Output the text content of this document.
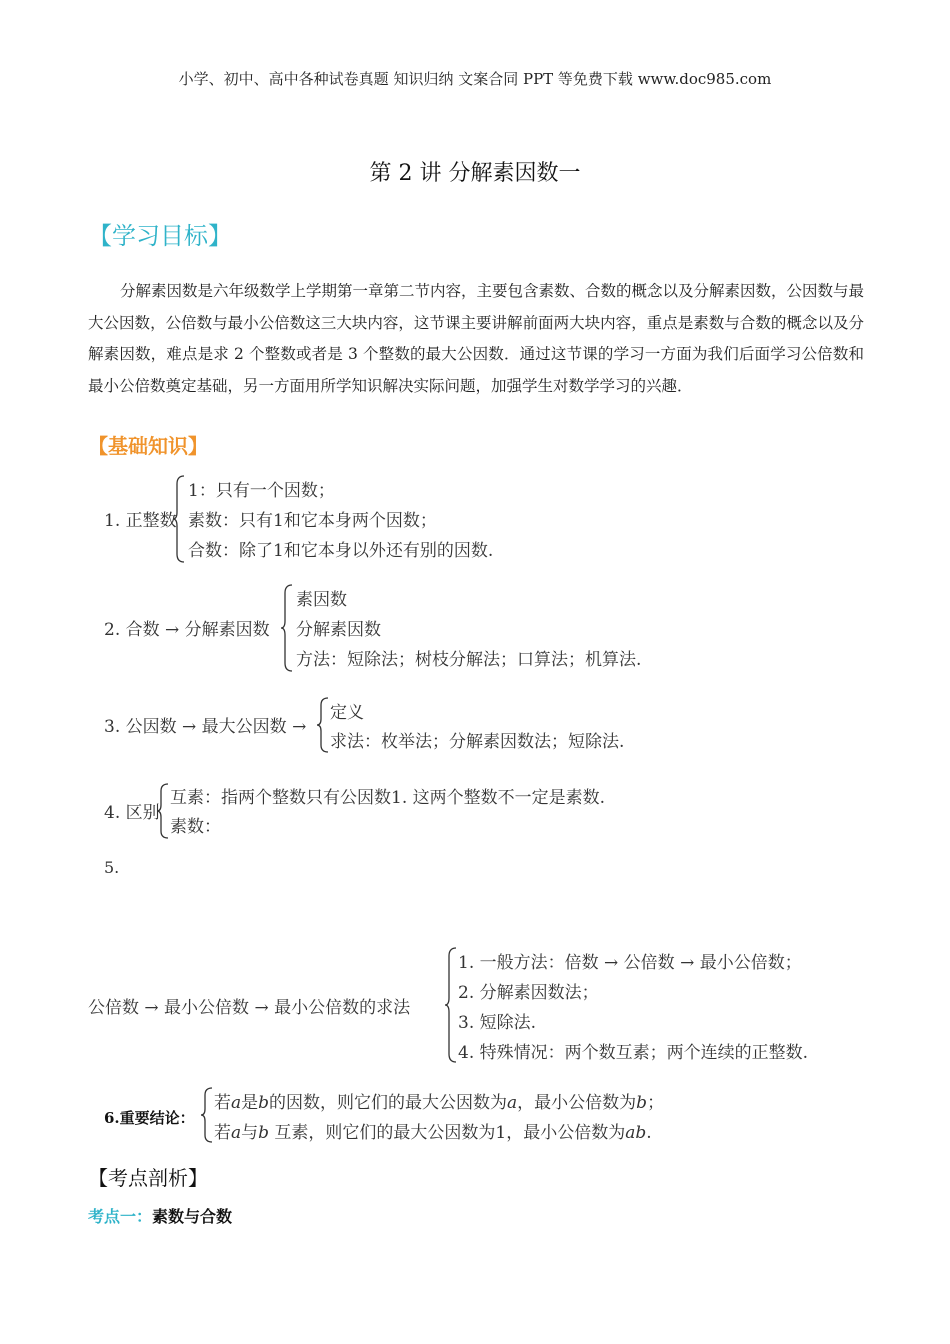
小学、初中、高中各种试卷真题 知识归纳 文案合同 PPT 等免费下载 www.doc985.com
第 2 讲 分解素因数一
【学习目标】
分解素因数是六年级数学上学期第一章第二节内容，主要包含素数、合数的概念以及分解素因数，公因数与最大公因数，公倍数与最小公倍数这三大块内容，这节课主要讲解前面两大块内容，重点是素数与合数的概念以及分解素因数，难点是求 2 个整数或者是 3 个整数的最大公因数．通过这节课的学习一方面为我们后面学习公倍数和最小公倍数奠定基础，另一方面用所学知识解决实际问题，加强学生对数学学习的兴趣．
【基础知识】
1. 正整数
1：只有一个因数；
素数：只有1和它本身两个因数；
合数：除了1和它本身以外还有别的因数.
2. 合数 → 分解素因数
素因数
分解素因数
方法：短除法；树枝分解法；口算法；机算法.
3. 公因数 → 最大公因数 →
定义
求法：枚举法；分解素因数法；短除法.
4. 区别
互素：指两个整数只有公因数1. 这两个整数不一定是素数.
素数：
5.
公倍数 → 最小公倍数 → 最小公倍数的求法
1. 一般方法：倍数 → 公倍数 → 最小公倍数；
2. 分解素因数法；
3. 短除法.
4. 特殊情况：两个数互素；两个连续的正整数.
6.重要结论：
若a是b的因数，则它们的最大公因数为a，最小公倍数为b；
若a与b 互素，则它们的最大公因数为1，最小公倍数为ab.
【考点剖析】
考点一：素数与合数
